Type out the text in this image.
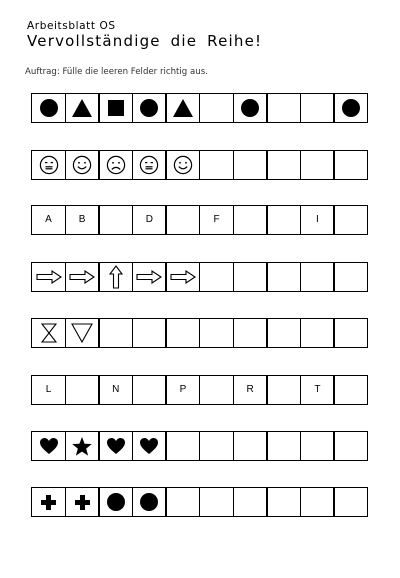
Arbeitsblatt OS
Vervollständige die Reihe!
Auftrag: Fülle die leeren Felder richtig aus.
A	B	D	F	I
L	N	P	R	T
